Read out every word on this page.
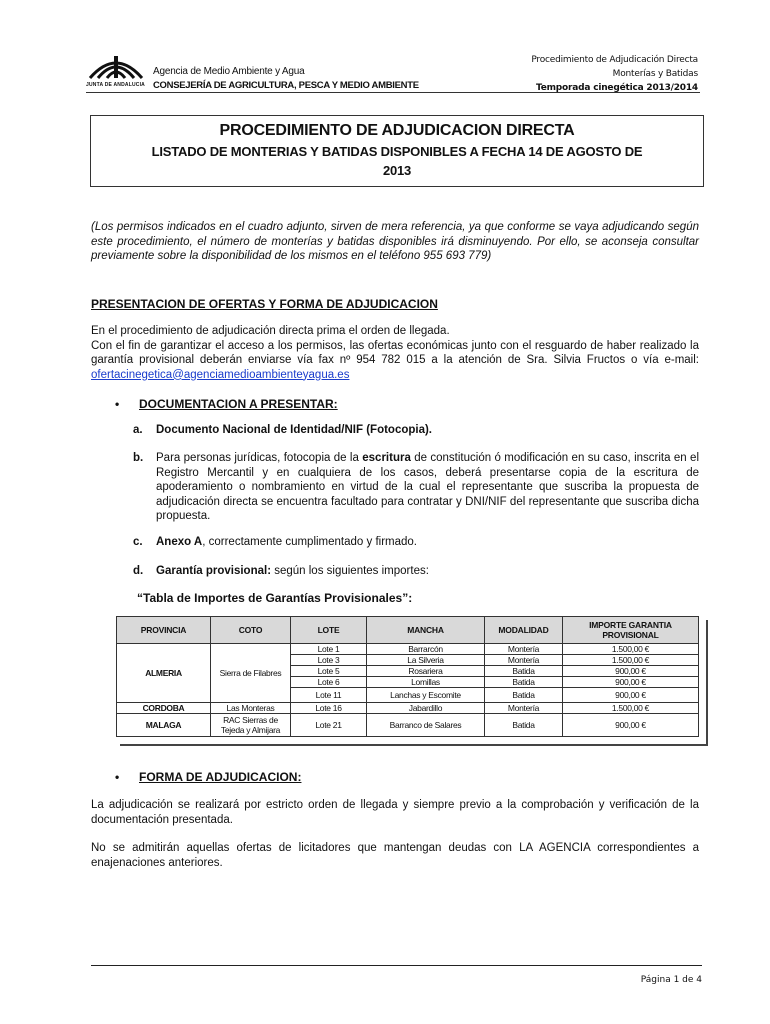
JUNTA DE ANDALUCIA
Agencia de Medio Ambiente y Agua
CONSEJERÍA DE AGRICULTURA, PESCA Y MEDIO AMBIENTE
Procedimiento de Adjudicación Directa
Monterías y Batidas
Temporada cinegética 2013/2014
PROCEDIMIENTO DE ADJUDICACION DIRECTA
LISTADO DE MONTERIAS Y BATIDAS DISPONIBLES A FECHA 14 DE AGOSTO DE 2013
(Los permisos indicados en el cuadro adjunto, sirven de mera referencia, ya que conforme se vaya adjudicando según este procedimiento, el número de monterías y batidas disponibles irá disminuyendo. Por ello, se aconseja consultar previamente sobre la disponibilidad de los mismos en el teléfono 955 693 779)
PRESENTACION DE OFERTAS Y FORMA DE ADJUDICACION
En el procedimiento de adjudicación directa prima el orden de llegada.
Con el fin de garantizar el acceso a los permisos, las ofertas económicas junto con el resguardo de haber realizado la garantía provisional deberán enviarse vía fax nº 954 782 015 a la atención de Sra. Silvia Fructos o vía e-mail: ofertacinegetica@agenciamedioambienteyagua.es
• DOCUMENTACION A PRESENTAR:
a. Documento Nacional de Identidad/NIF (Fotocopia).
b. Para personas jurídicas, fotocopia de la escritura de constitución ó modificación en su caso, inscrita en el Registro Mercantil y en cualquiera de los casos, deberá presentarse copia de la escritura de apoderamiento o nombramiento en virtud de la cual el representante que suscriba la propuesta de adjudicación directa se encuentra facultado para contratar y DNI/NIF del representante que suscriba dicha propuesta.
c. Anexo A, correctamente cumplimentado y firmado.
d. Garantía provisional: según los siguientes importes:
“Tabla de Importes de Garantías Provisionales”:
PROVINCIA	COTO	LOTE	MANCHA	MODALIDAD	IMPORTE GARANTIA PROVISIONAL
ALMERIA	Sierra de Filabres	Lote 1	Barrarcón	Montería	1.500,00 €
		Lote 3	La Silveria	Montería	1.500,00 €
		Lote 5	Rosariera	Batida	900,00 €
		Lote 6	Lomillas	Batida	900,00 €
		Lote 11	Lanchas y Escomite	Batida	900,00 €
CORDOBA	Las Monteras	Lote 16	Jabardillo	Montería	1.500,00 €
MALAGA	RAC Sierras de Tejeda y Almijara	Lote 21	Barranco de Salares	Batida	900,00 €
• FORMA DE ADJUDICACION:
La adjudicación se realizará por estricto orden de llegada y siempre previo a la comprobación y verificación de la documentación presentada.
No se admitirán aquellas ofertas de licitadores que mantengan deudas con LA AGENCIA correspondientes a enajenaciones anteriores.
Página 1 de 4
